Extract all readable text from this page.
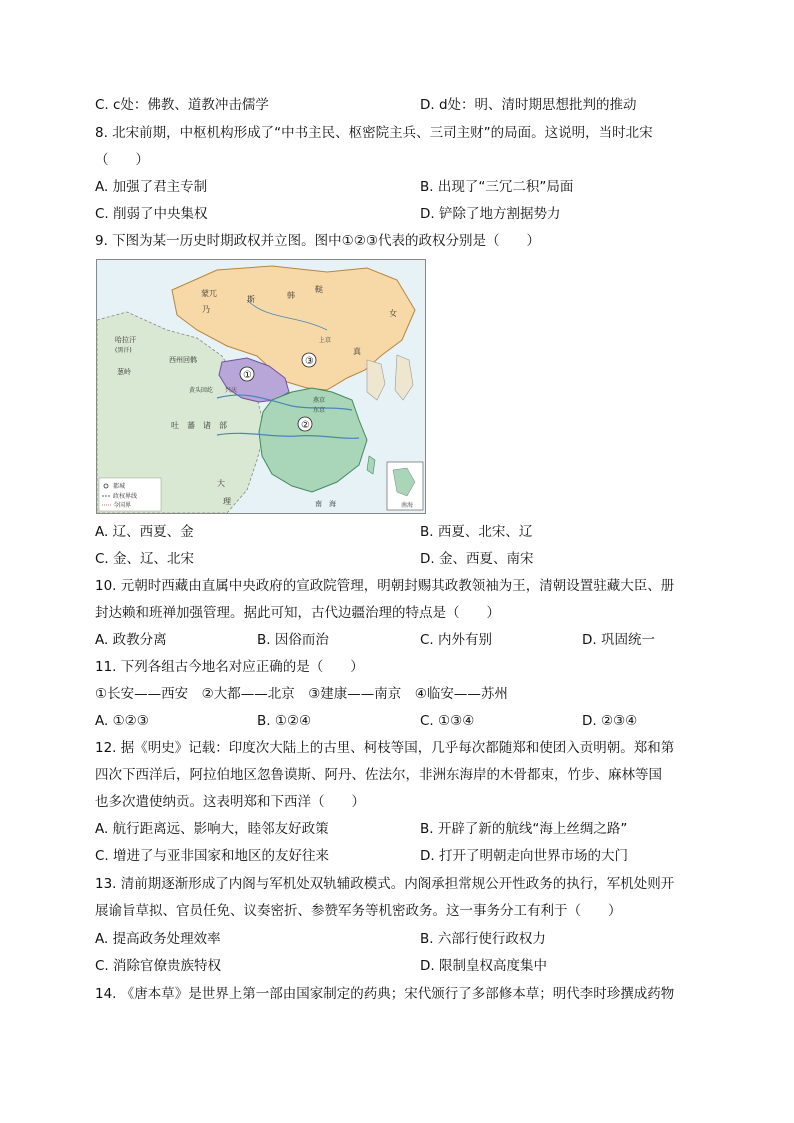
C. c处：佛教、道教冲击儒学	D. d处：明、清时期思想批判的推动
8. 北宋前期，中枢机构形成了“中书主民、枢密院主兵、三司主财”的局面。这说明，当时北宋
（　　）
A. 加强了君主专制	B. 出现了“三冗二积”局面
C. 削弱了中央集权	D. 铲除了地方割据势力
9. 下图为某一历史时期政权并立图。图中①②③代表的政权分别是（　　）
南海
都城
政权界线
今国界
蒙兀
乃
斯	韩
鞑
女
真
上京
哈拉汗
(黑汗)
西州回鹘
葱岭
黄头回纥
吐　蕃　诸　部
兴庆
燕京
东京
大
理	南　海
①
②
③
A. 辽、西夏、金	B. 西夏、北宋、辽
C. 金、辽、北宋	D. 金、西夏、南宋
10. 元朝时西藏由直属中央政府的宣政院管理，明朝封赐其政教领袖为王，清朝设置驻藏大臣、册
封达赖和班禅加强管理。据此可知，古代边疆治理的特点是（　　）
A. 政教分离	B. 因俗而治	C. 内外有别	D. 巩固统一
11. 下列各组古今地名对应正确的是（　　）
①长安——西安　②大都——北京　③建康——南京　④临安——苏州
A. ①②③	B. ①②④	C. ①③④	D. ②③④
12. 据《明史》记载：印度次大陆上的古里、柯枝等国，几乎每次都随郑和使团入贡明朝。郑和第
四次下西洋后，阿拉伯地区忽鲁谟斯、阿丹、佐法尔，非洲东海岸的木骨都束，竹步、麻林等国
也多次遣使纳贡。这表明郑和下西洋（　　）
A. 航行距离远、影响大，睦邻友好政策	B. 开辟了新的航线“海上丝绸之路”
C. 增进了与亚非国家和地区的友好往来	D. 打开了明朝走向世界市场的大门
13. 清前期逐渐形成了内阁与军机处双轨辅政模式。内阁承担常规公开性政务的执行，军机处则开
展谕旨草拟、官员任免、议奏密折、参赞军务等机密政务。这一事务分工有利于（　　）
A. 提高政务处理效率	B. 六部行使行政权力
C. 消除官僚贵族特权	D. 限制皇权高度集中
14. 《唐本草》是世界上第一部由国家制定的药典；宋代颁行了多部修本草；明代李时珍撰成药物
